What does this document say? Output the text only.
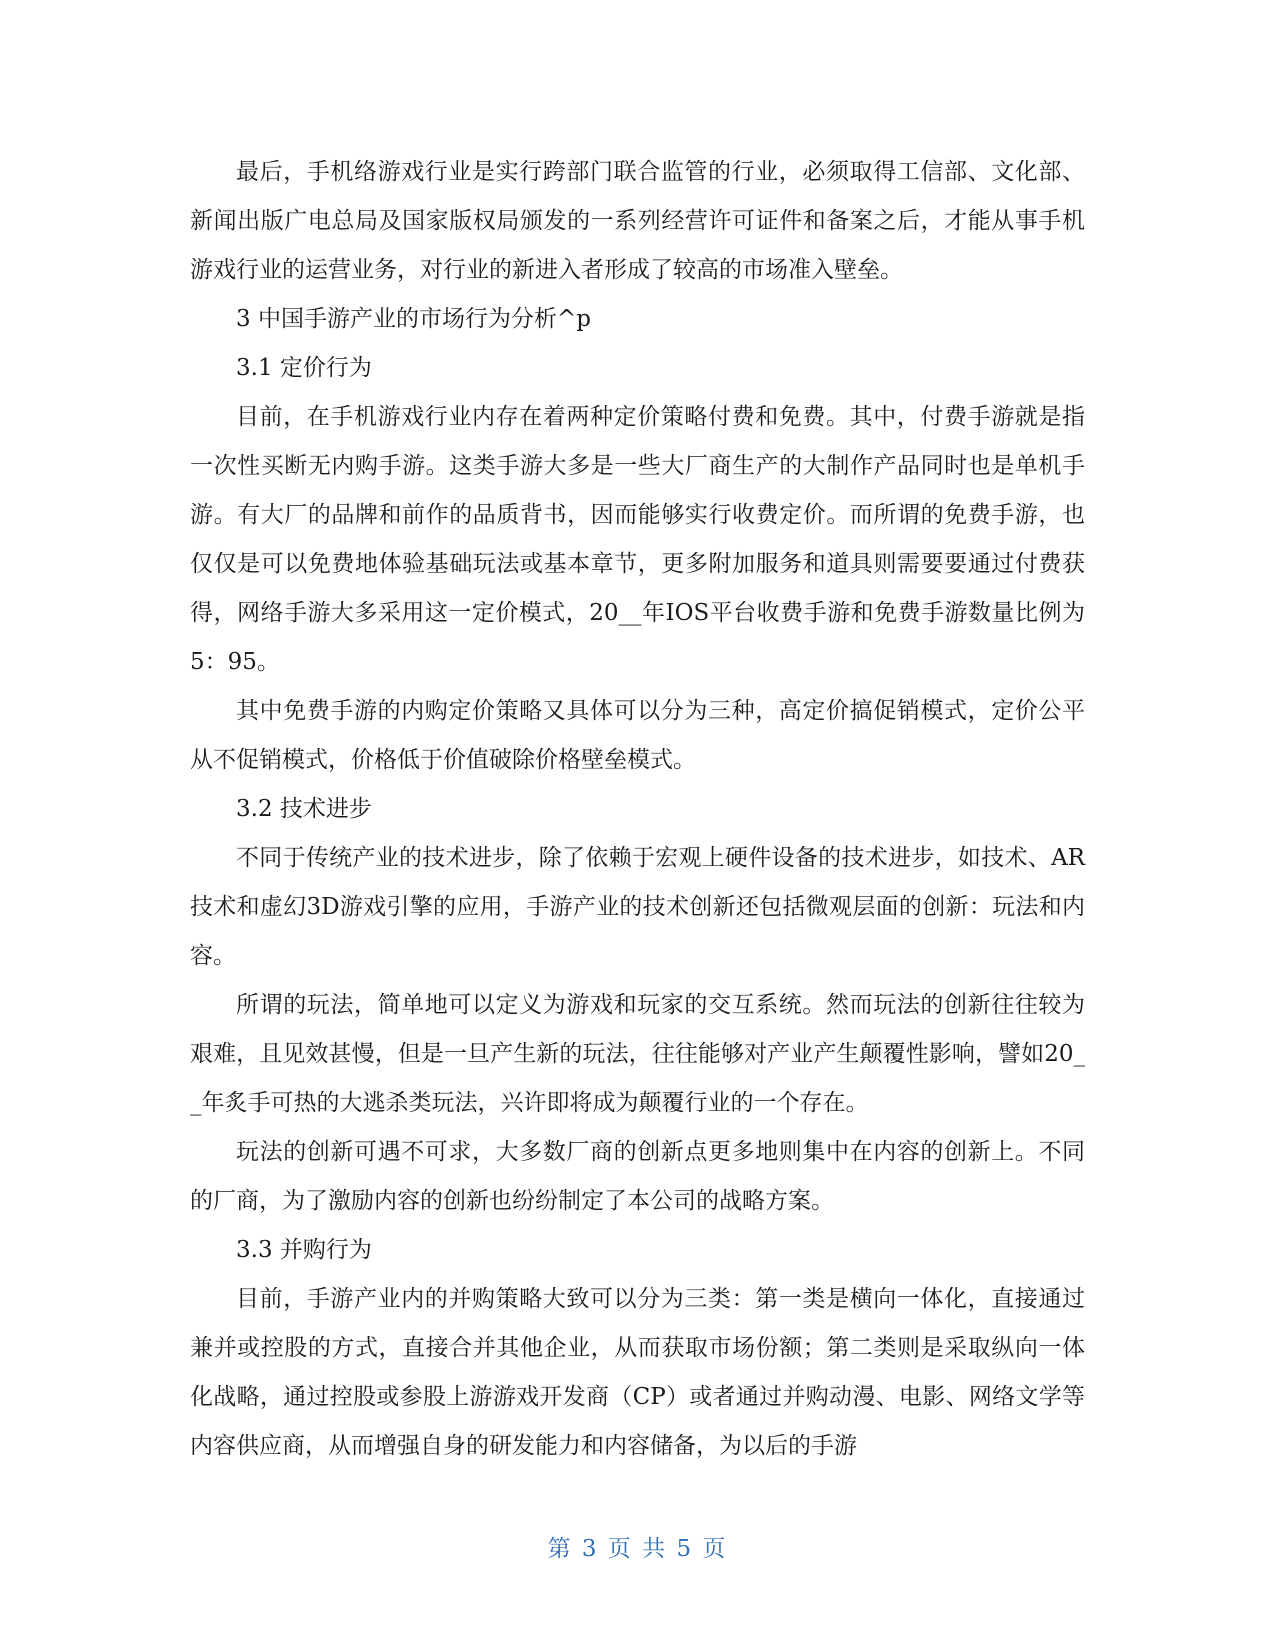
最后，手机络游戏行业是实行跨部门联合监管的行业，必须取得工信部、文化部、新闻出版广电总局及国家版权局颁发的一系列经营许可证件和备案之后，才能从事手机游戏行业的运营业务，对行业的新进入者形成了较高的市场准入壁垒。

3 中国手游产业的市场行为分析^p

3.1 定价行为

目前，在手机游戏行业内存在着两种定价策略付费和免费。其中，付费手游就是指一次性买断无内购手游。这类手游大多是一些大厂商生产的大制作产品同时也是单机手游。有大厂的品牌和前作的品质背书，因而能够实行收费定价。而所谓的免费手游，也仅仅是可以免费地体验基础玩法或基本章节，更多附加服务和道具则需要要通过付费获得，网络手游大多采用这一定价模式，20__年IOS平台收费手游和免费手游数量比例为5：95。

其中免费手游的内购定价策略又具体可以分为三种，高定价搞促销模式，定价公平从不促销模式，价格低于价值破除价格壁垒模式。

3.2 技术进步

不同于传统产业的技术进步，除了依赖于宏观上硬件设备的技术进步，如技术、AR技术和虚幻3D游戏引擎的应用，手游产业的技术创新还包括微观层面的创新：玩法和内容。

所谓的玩法，简单地可以定义为游戏和玩家的交互系统。然而玩法的创新往往较为艰难，且见效甚慢，但是一旦产生新的玩法，往往能够对产业产生颠覆性影响，譬如20__年炙手可热的大逃杀类玩法，兴许即将成为颠覆行业的一个存在。

玩法的创新可遇不可求，大多数厂商的创新点更多地则集中在内容的创新上。不同的厂商，为了激励内容的创新也纷纷制定了本公司的战略方案。

3.3 并购行为

目前，手游产业内的并购策略大致可以分为三类：第一类是横向一体化，直接通过兼并或控股的方式，直接合并其他企业，从而获取市场份额；第二类则是采取纵向一体化战略，通过控股或参股上游游戏开发商（CP）或者通过并购动漫、电影、网络文学等内容供应商，从而增强自身的研发能力和内容储备，为以后的手游

第 3 页 共 5 页
